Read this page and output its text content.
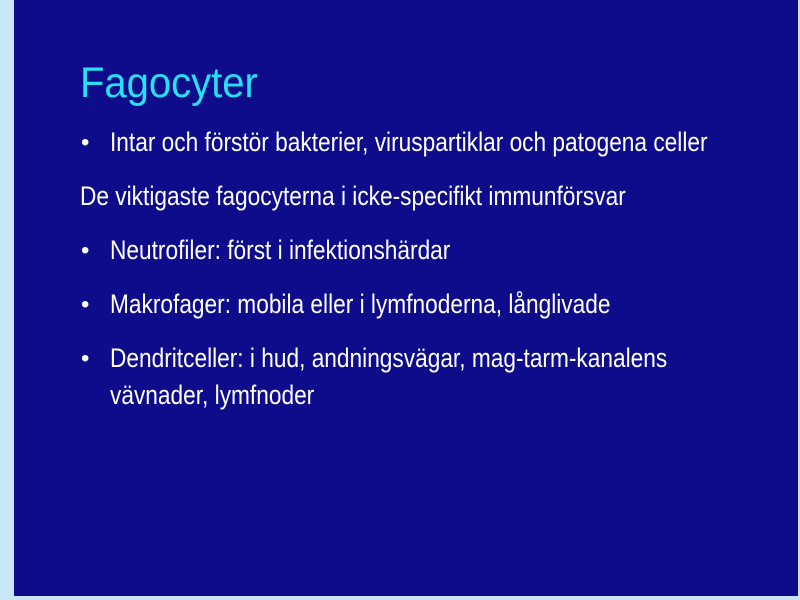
Fagocyter
• Intar och förstör bakterier, viruspartiklar och patogena celler
De viktigaste fagocyterna i icke-specifikt immunförsvar
• Neutrofiler: först i infektionshärdar
• Makrofager: mobila eller i lymfnoderna, långlivade
• Dendritceller: i hud, andningsvägar, mag-tarm-kanalens vävnader, lymfnoder
